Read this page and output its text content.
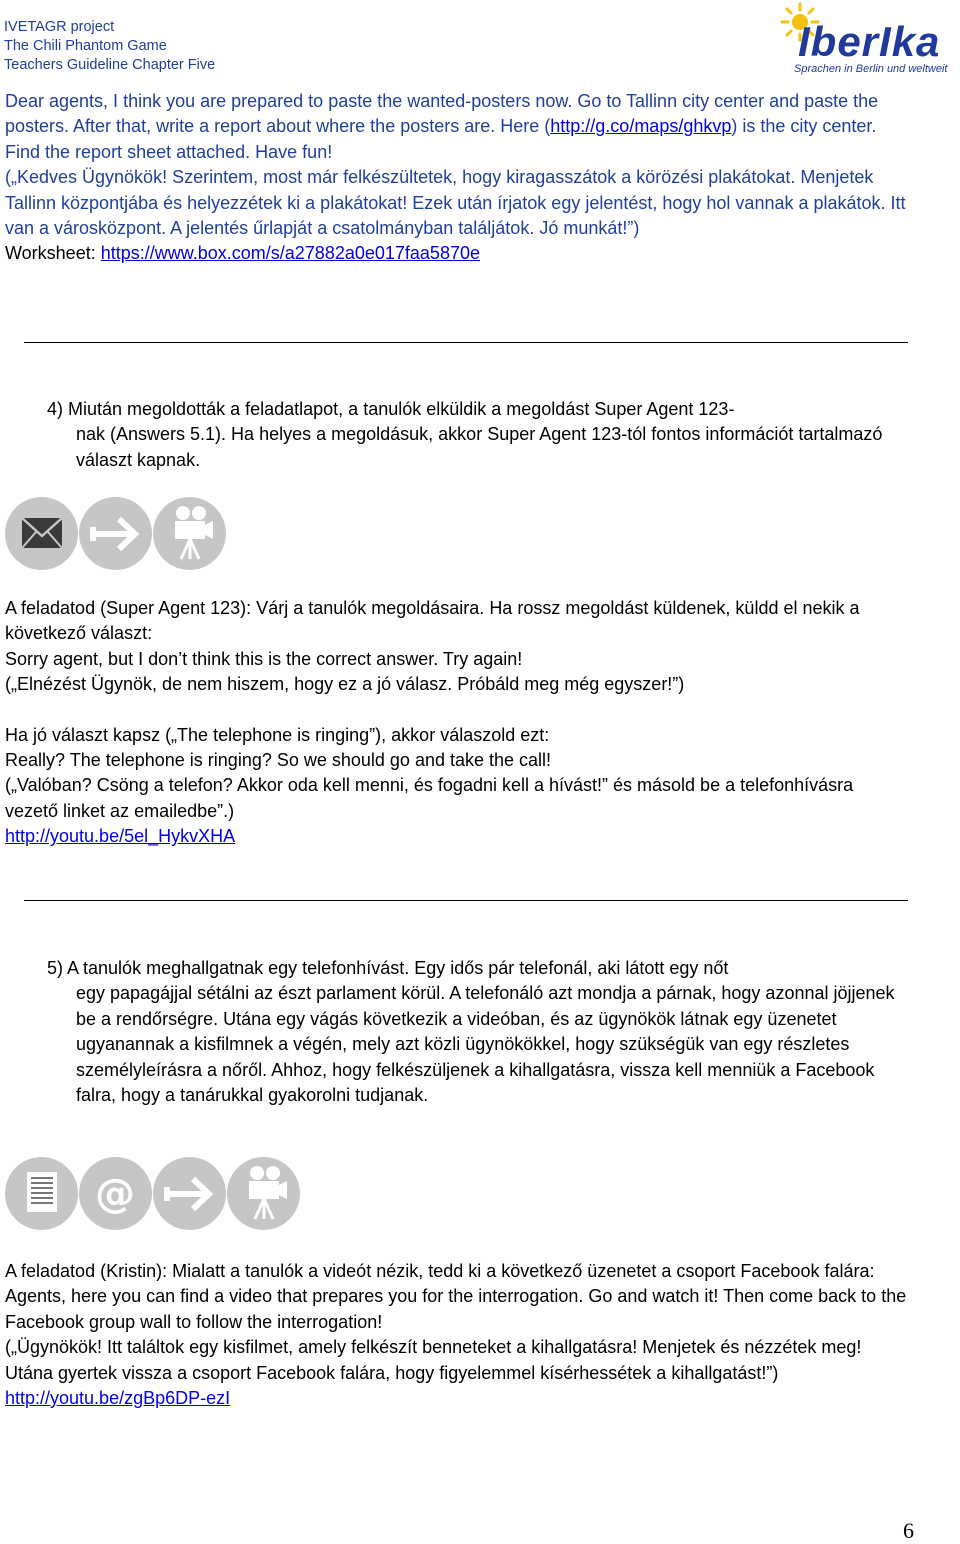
IVETAGR project
The Chili Phantom Game
Teachers Guideline Chapter Five	IberIka
Sprachen in Berlin und weltweit
Dear agents, I think you are prepared to paste the wanted-posters now. Go to Tallinn city center and paste the posters. After that, write a report about where the posters are. Here (http://g.co/maps/ghkvp) is the city center. Find the report sheet attached. Have fun!
(„Kedves Ügynökök! Szerintem, most már felkészültetek, hogy kiragasszátok a körözési plakátokat. Menjetek Tallinn központjába és helyezzétek ki a plakátokat! Ezek után írjatok egy jelentést, hogy hol vannak a plakátok. Itt van a városközpont. A jelentés űrlapját a csatolmányban találjátok. Jó munkát!”)
Worksheet: https://www.box.com/s/a27882a0e017faa5870e
4) Miután megoldották a feladatlapot, a tanulók elküldik a megoldást Super Agent 123-
nak (Answers 5.1). Ha helyes a megoldásuk, akkor Super Agent 123-tól fontos információt tartalmazó választ kapnak.
A feladatod (Super Agent 123): Várj a tanulók megoldásaira. Ha rossz megoldást küldenek, küldd el nekik a következő választ:
Sorry agent, but I don’t think this is the correct answer. Try again!
(„Elnézést Ügynök, de nem hiszem, hogy ez a jó válasz. Próbáld meg még egyszer!”)
Ha jó választ kapsz („The telephone is ringing”), akkor válaszold ezt:
Really? The telephone is ringing? So we should go and take the call!
(„Valóban? Csöng a telefon? Akkor oda kell menni, és fogadni kell a hívást!” és másold be a telefonhívásra vezető linket az emailedbe”.)
http://youtu.be/5el_HykvXHA
5) A tanulók meghallgatnak egy telefonhívást. Egy idős pár telefonál, aki látott egy nőt
egy papagájjal sétálni az észt parlament körül. A telefonáló azt mondja a párnak, hogy azonnal jöjjenek be a rendőrségre. Utána egy vágás következik a videóban, és az ügynökök látnak egy üzenetet ugyanannak a kisfilmnek a végén, mely azt közli ügynökökkel, hogy szükségük van egy részletes személyleírásra a nőről. Ahhoz, hogy felkészüljenek a kihallgatásra, vissza kell menniük a Facebook falra, hogy a tanárukkal gyakorolni tudjanak.
@
A feladatod (Kristin): Mialatt a tanulók a videót nézik, tedd ki a következő üzenetet a csoport Facebook falára:
Agents, here you can find a video that prepares you for the interrogation. Go and watch it! Then come back to the Facebook group wall to follow the interrogation!
(„Ügynökök! Itt találtok egy kisfilmet, amely felkészít benneteket a kihallgatásra! Menjetek és nézzétek meg! Utána gyertek vissza a csoport Facebook falára, hogy figyelemmel kísérhessétek a kihallgatást!”)
http://youtu.be/zgBp6DP-ezI
6
